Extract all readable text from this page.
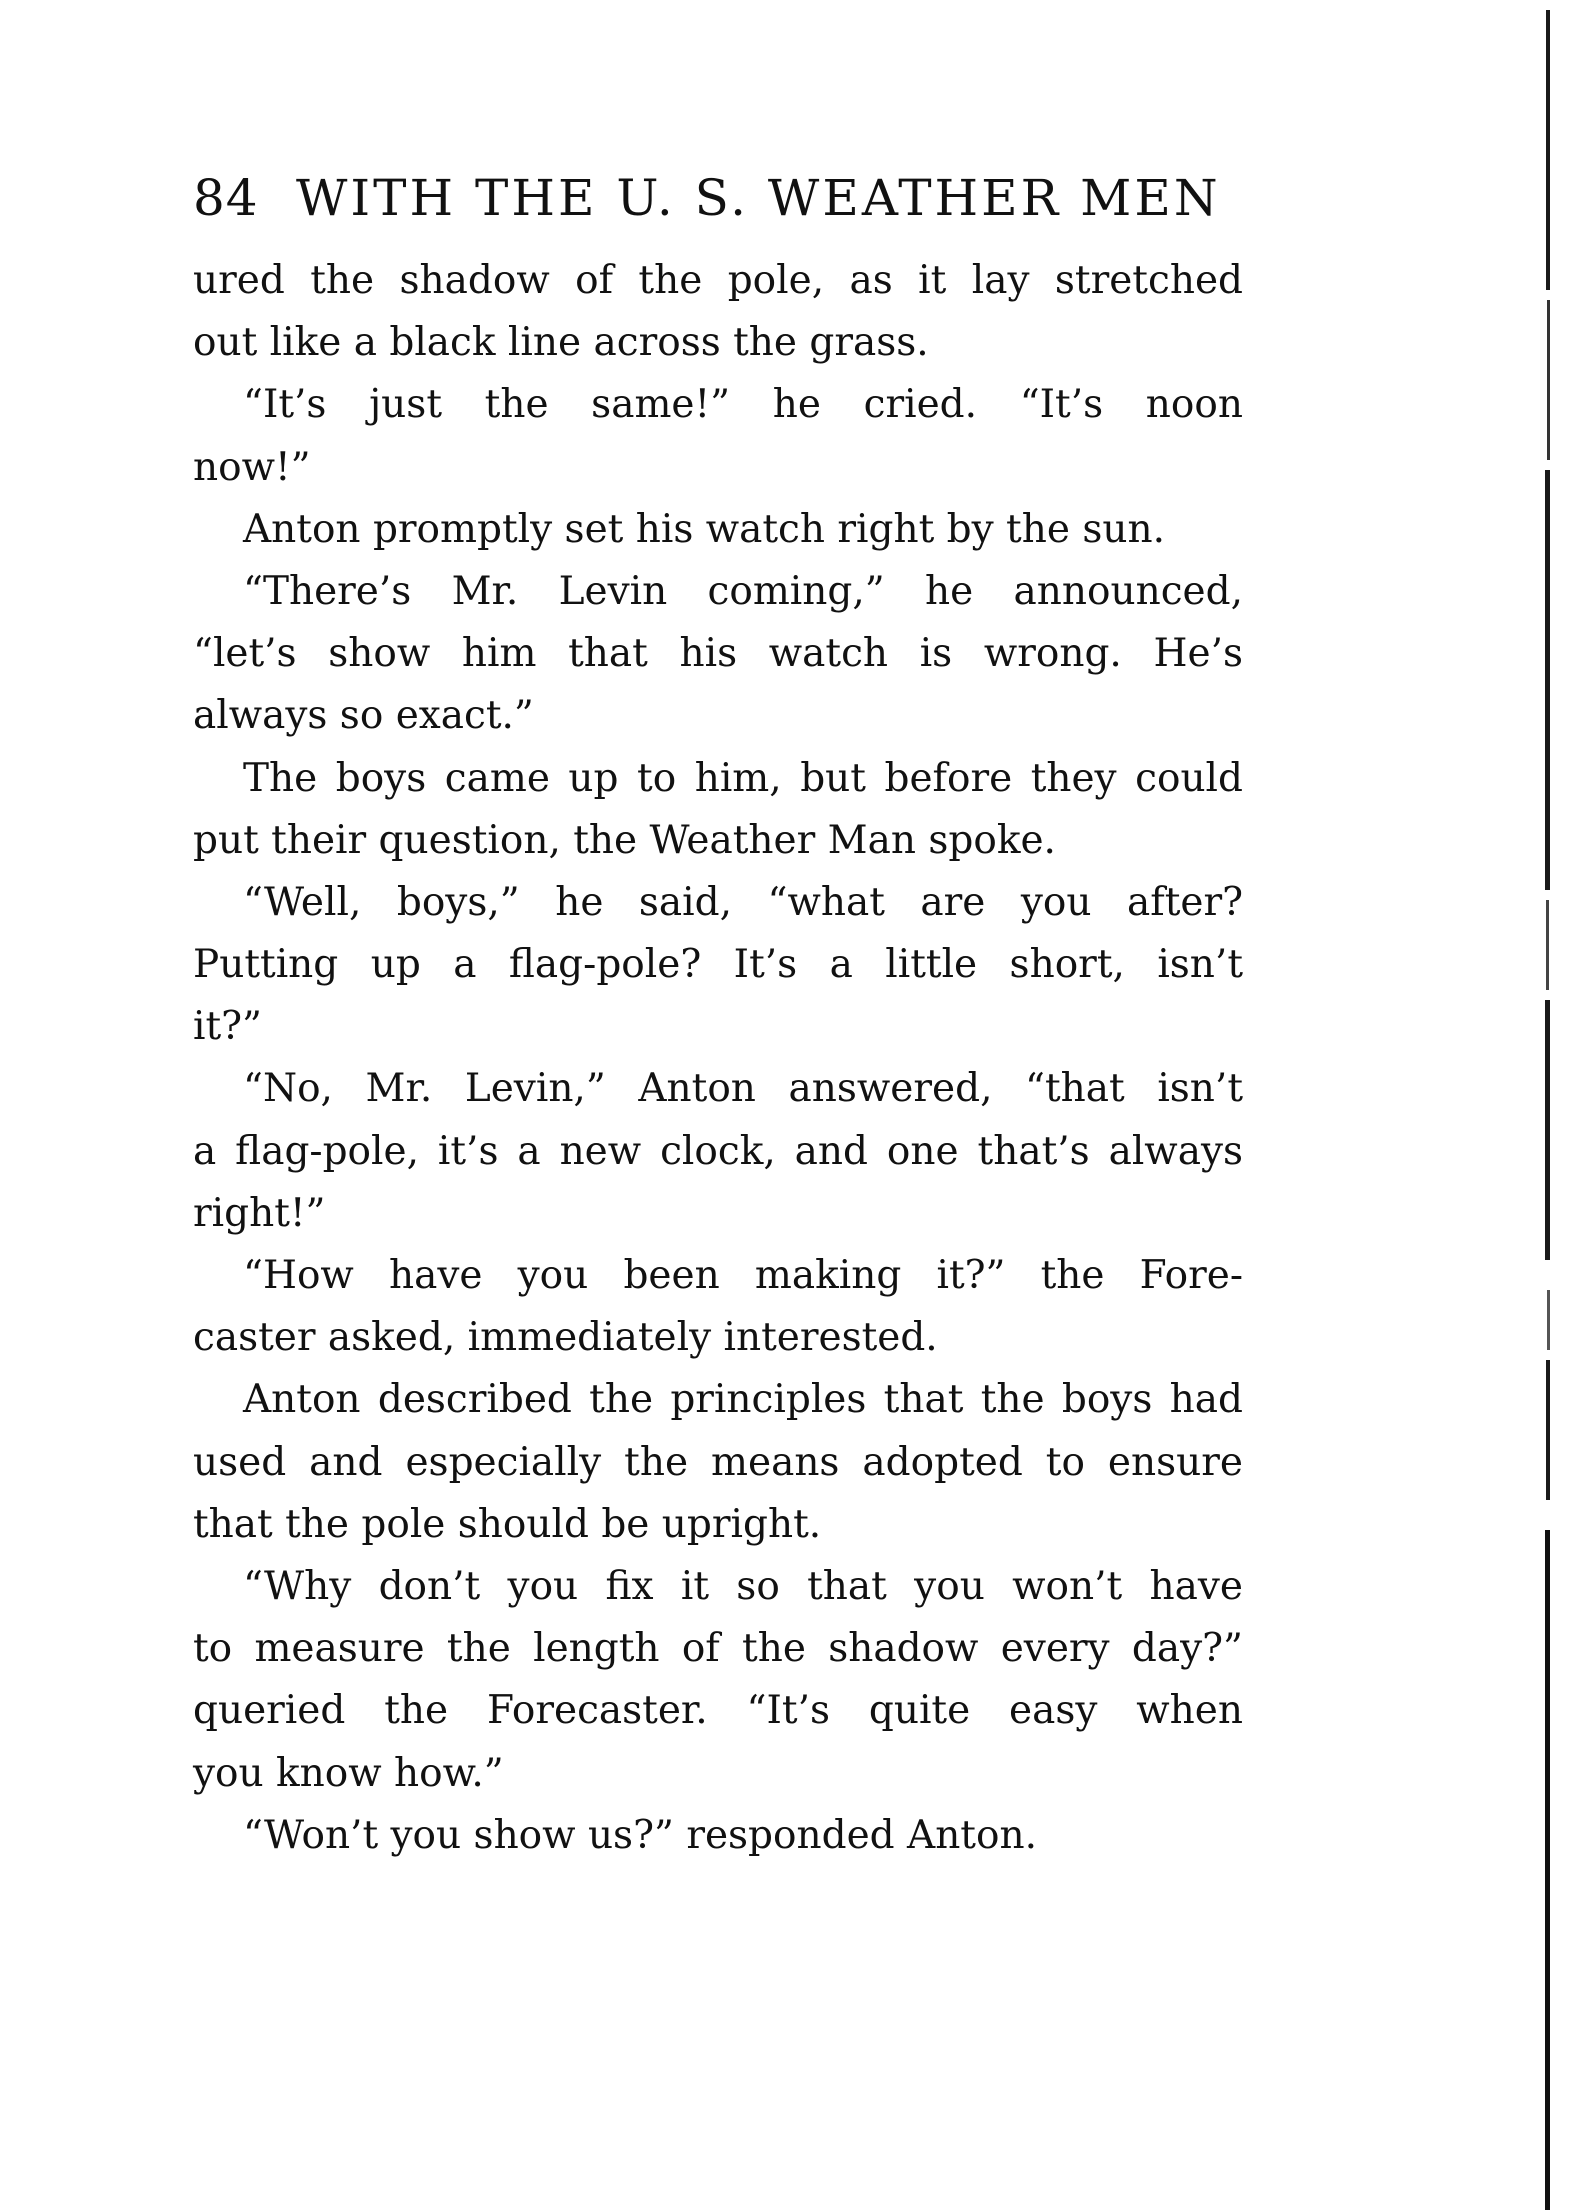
84 WITH THE U. S. WEATHER MEN
ured the shadow of the pole, as it lay stretched
out like a black line across the grass.
“It’s just the same!” he cried. “It’s noon
now!”
Anton promptly set his watch right by the sun.
“There’s Mr. Levin coming,” he announced,
“let’s show him that his watch is wrong. He’s
always so exact.”
The boys came up to him, but before they could
put their question, the Weather Man spoke.
“Well, boys,” he said, “what are you after?
Putting up a flag-pole? It’s a little short, isn’t
it?”
“No, Mr. Levin,” Anton answered, “that isn’t
a flag-pole, it’s a new clock, and one that’s always
right!”
“How have you been making it?” the Fore-
caster asked, immediately interested.
Anton described the principles that the boys had
used and especially the means adopted to ensure
that the pole should be upright.
“Why don’t you fix it so that you won’t have
to measure the length of the shadow every day?”
queried the Forecaster. “It’s quite easy when
you know how.”
“Won’t you show us?” responded Anton.
